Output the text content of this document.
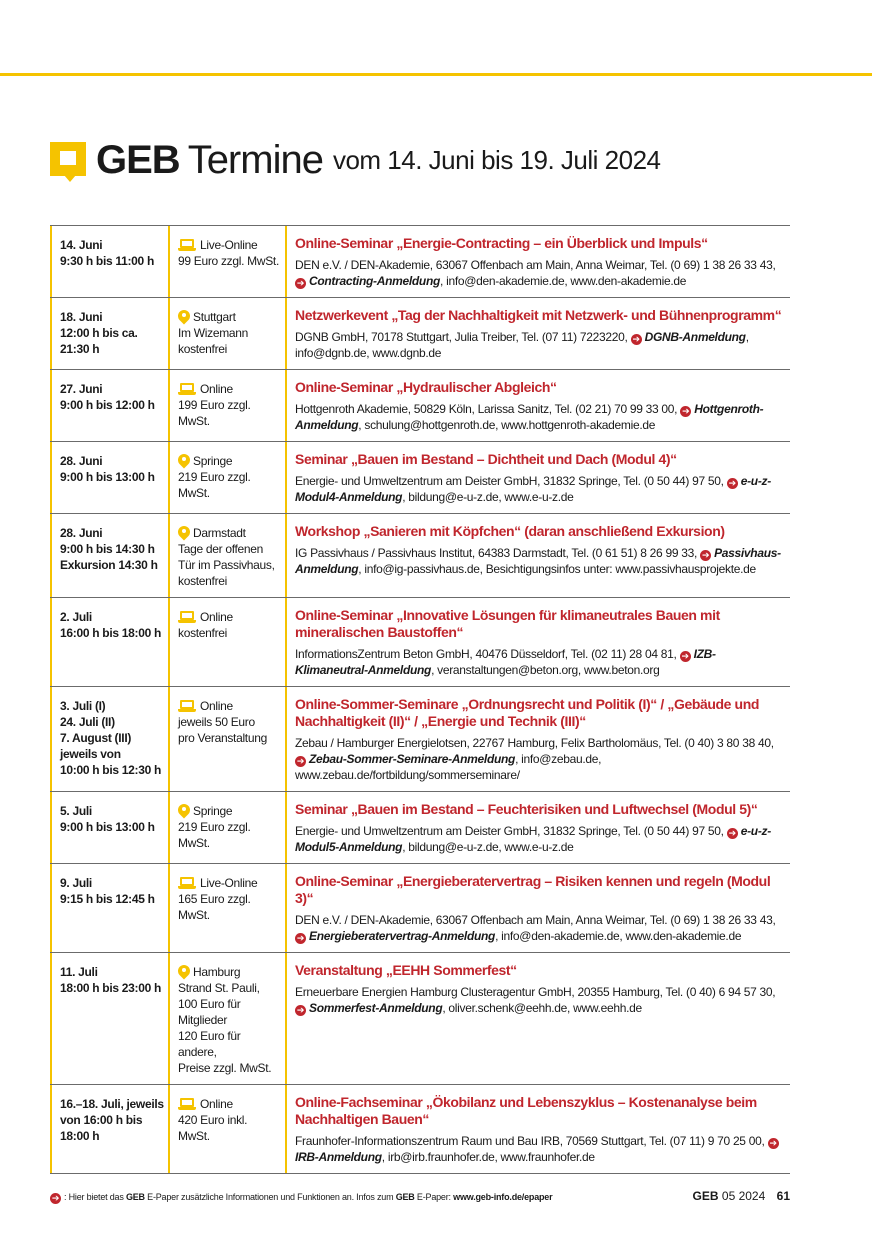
GEB Termine vom 14. Juni bis 19. Juli 2024
14. Juni
9:30 h bis 11:00 h
Live-Online
99 Euro zzgl. MwSt.
Online-Seminar „Energie-Contracting – ein Überblick und Impuls“
DEN e.V. / DEN-Akademie, 63067 Offenbach am Main, Anna Weimar, Tel. (0 69) 1 38 26 33 43, ➔ Contracting-Anmeldung, info@den-akademie.de, www.den-akademie.de
18. Juni
12:00 h bis ca. 21:30 h
Stuttgart
Im Wizemann
kostenfrei
Netzwerkevent „Tag der Nachhaltigkeit mit Netzwerk- und Bühnenprogramm“
DGNB GmbH, 70178 Stuttgart, Julia Treiber, Tel. (07 11) 7223220, ➔ DGNB-Anmeldung, info@dgnb.de, www.dgnb.de
27. Juni
9:00 h bis 12:00 h
Online
199 Euro zzgl. MwSt.
Online-Seminar „Hydraulischer Abgleich“
Hottgenroth Akademie, 50829 Köln, Larissa Sanitz, Tel. (02 21) 70 99 33 00, ➔ Hottgenroth-Anmeldung, schulung@hottgenroth.de, www.hottgenroth-akademie.de
28. Juni
9:00 h bis 13:00 h
Springe
219 Euro zzgl. MwSt.
Seminar „Bauen im Bestand – Dichtheit und Dach (Modul 4)“
Energie- und Umweltzentrum am Deister GmbH, 31832 Springe, Tel. (0 50 44) 97 50, ➔ e-u-z-Modul4-Anmeldung, bildung@e-u-z.de, www.e-u-z.de
28. Juni
9:00 h bis 14:30 h
Exkursion 14:30 h
Darmstadt
Tage der offenen Tür im Passivhaus, kostenfrei
Workshop „Sanieren mit Köpfchen“ (daran anschließend Exkursion)
IG Passivhaus / Passivhaus Institut, 64383 Darmstadt, Tel. (0 61 51) 8 26 99 33, ➔ Passivhaus-Anmeldung, info@ig-passivhaus.de, Besichtigungsinfos unter: www.passivhausprojekte.de
2. Juli
16:00 h bis 18:00 h
Online
kostenfrei
Online-Seminar „Innovative Lösungen für klimaneutrales Bauen mit mineralischen Baustoffen“
InformationsZentrum Beton GmbH, 40476 Düsseldorf, Tel. (02 11) 28 04 81, ➔ IZB-Klimaneutral-Anmeldung, veranstaltungen@beton.org, www.beton.org
3. Juli (I)
24. Juli (II)
7. August (III)
jeweils von
10:00 h bis 12:30 h
Online
jeweils 50 Euro
pro Veranstaltung
Online-Sommer-Seminare „Ordnungsrecht und Politik (I)“ / „Gebäude und Nachhaltigkeit (II)“ / „Energie und Technik (III)“
Zebau / Hamburger Energielotsen, 22767 Hamburg, Felix Bartholomäus, Tel. (0 40) 3 80 38 40, ➔ Zebau-Sommer-Seminare-Anmeldung, info@zebau.de, www.zebau.de/fortbildung/sommerseminare/
5. Juli
9:00 h bis 13:00 h
Springe
219 Euro zzgl. MwSt.
Seminar „Bauen im Bestand – Feuchterisiken und Luftwechsel (Modul 5)“
Energie- und Umweltzentrum am Deister GmbH, 31832 Springe, Tel. (0 50 44) 97 50, ➔ e-u-z-Modul5-Anmeldung, bildung@e-u-z.de, www.e-u-z.de
9. Juli
9:15 h bis 12:45 h
Live-Online
165 Euro zzgl. MwSt.
Online-Seminar „Energieberatervertrag – Risiken kennen und regeln (Modul 3)“
DEN e.V. / DEN-Akademie, 63067 Offenbach am Main, Anna Weimar, Tel. (0 69) 1 38 26 33 43, ➔ Energieberatervertrag-Anmeldung, info@den-akademie.de, www.den-akademie.de
11. Juli
18:00 h bis 23:00 h
Hamburg
Strand St. Pauli,
100 Euro für Mitglieder
120 Euro für andere,
Preise zzgl. MwSt.
Veranstaltung „EEHH Sommerfest“
Erneuerbare Energien Hamburg Clusteragentur GmbH, 20355 Hamburg, Tel. (0 40) 6 94 57 30, ➔ Sommerfest-Anmeldung, oliver.schenk@eehh.de, www.eehh.de
16.–18. Juli, jeweils
von 16:00 h bis 18:00 h
Online
420 Euro inkl. MwSt.
Online-Fachseminar „Ökobilanz und Lebenszyklus – Kostenanalyse beim Nachhaltigen Bauen“
Fraunhofer-Informationszentrum Raum und Bau IRB, 70569 Stuttgart, Tel. (07 11) 9 70 25 00, ➔IRB-Anmeldung, irb@irb.fraunhofer.de, www.fraunhofer.de
➔ : Hier bietet das GEB E-Paper zusätzliche Informationen und Funktionen an. Infos zum GEB E-Paper: www.geb-info.de/epaper	GEB 05 2024 61
